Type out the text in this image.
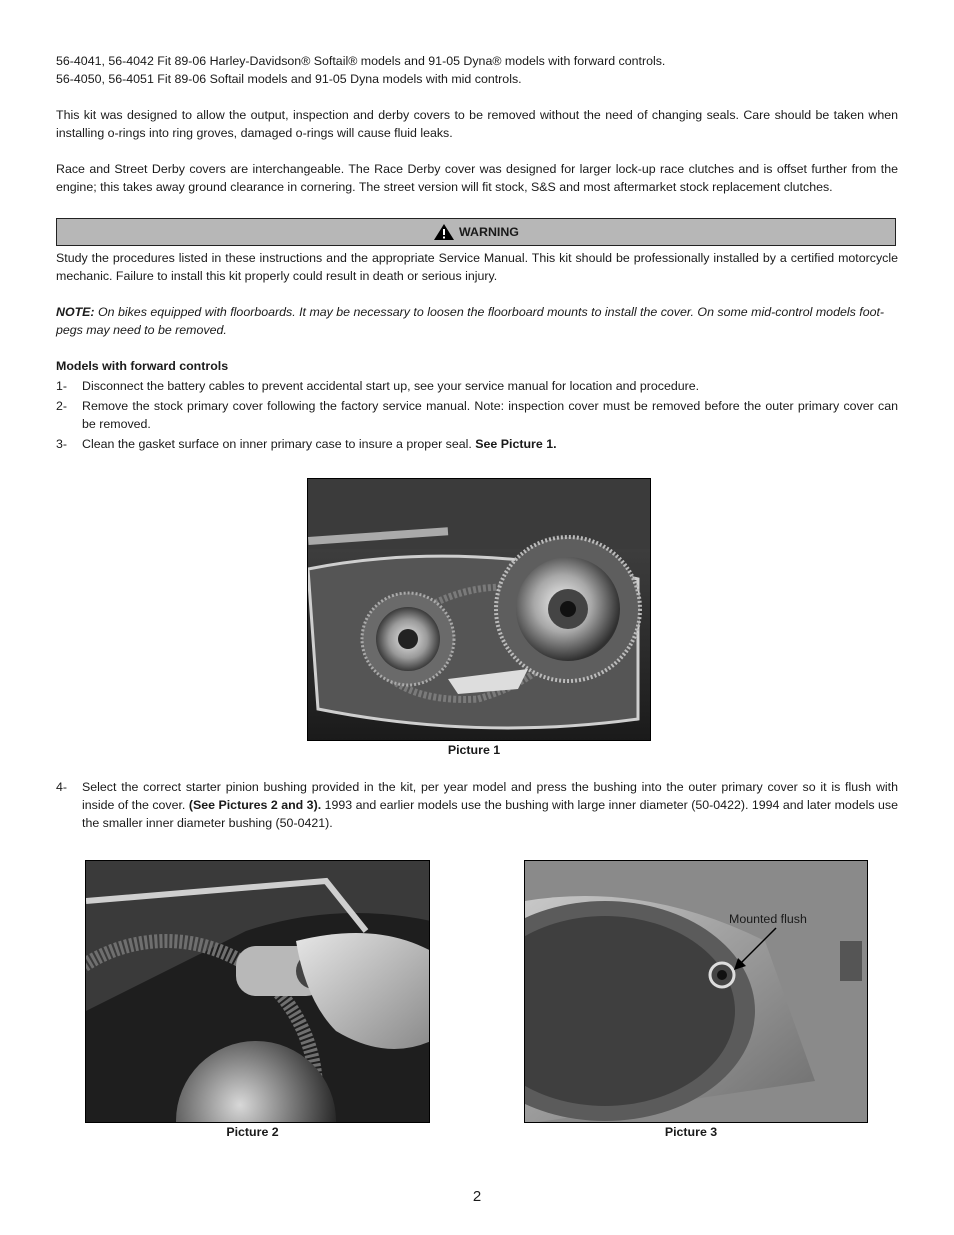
56-4041, 56-4042 Fit 89-06 Harley-Davidson® Softail® models and 91-05 Dyna® models with forward controls.

56-4050, 56-4051 Fit 89-06 Softail models and 91-05 Dyna models with mid controls.

This kit was designed to allow the output, inspection and derby covers to be removed without the need of changing seals. Care should be taken when installing o-rings into ring groves, damaged o-rings will cause fluid leaks.

Race and Street Derby covers are interchangeable. The Race Derby cover was designed for larger lock-up race clutches and is offset further from the engine; this takes away ground clearance in cornering. The street version will fit stock, S&S and most aftermarket stock replacement clutches.

WARNING

Study the procedures listed in these instructions and the appropriate Service Manual. This kit should be professionally installed by a certified motorcycle mechanic. Failure to install this kit properly could result in death or serious injury.

NOTE: On bikes equipped with floorboards. It may be necessary to loosen the floorboard mounts to install the cover. On some mid-control models foot-pegs may need to be removed.

Models with forward controls
1-	Disconnect the battery cables to prevent accidental start up, see your service manual for location and procedure.
2-	Remove the stock primary cover following the factory service manual. Note: inspection cover must be removed before the outer primary cover can be removed.
3-	Clean the gasket surface on inner primary case to insure a proper seal. See Picture 1.
Picture 1
4-	Select the correct starter pinion bushing provided in the kit, per year model and press the bushing into the outer primary cover so it is flush with inside of the cover. (See Pictures 2 and 3). 1993 and earlier models use the bushing with large inner diameter (50-0422). 1994 and later models use the smaller inner diameter bushing (50-0421).
Picture 2
Mounted flush
Picture 3
2
